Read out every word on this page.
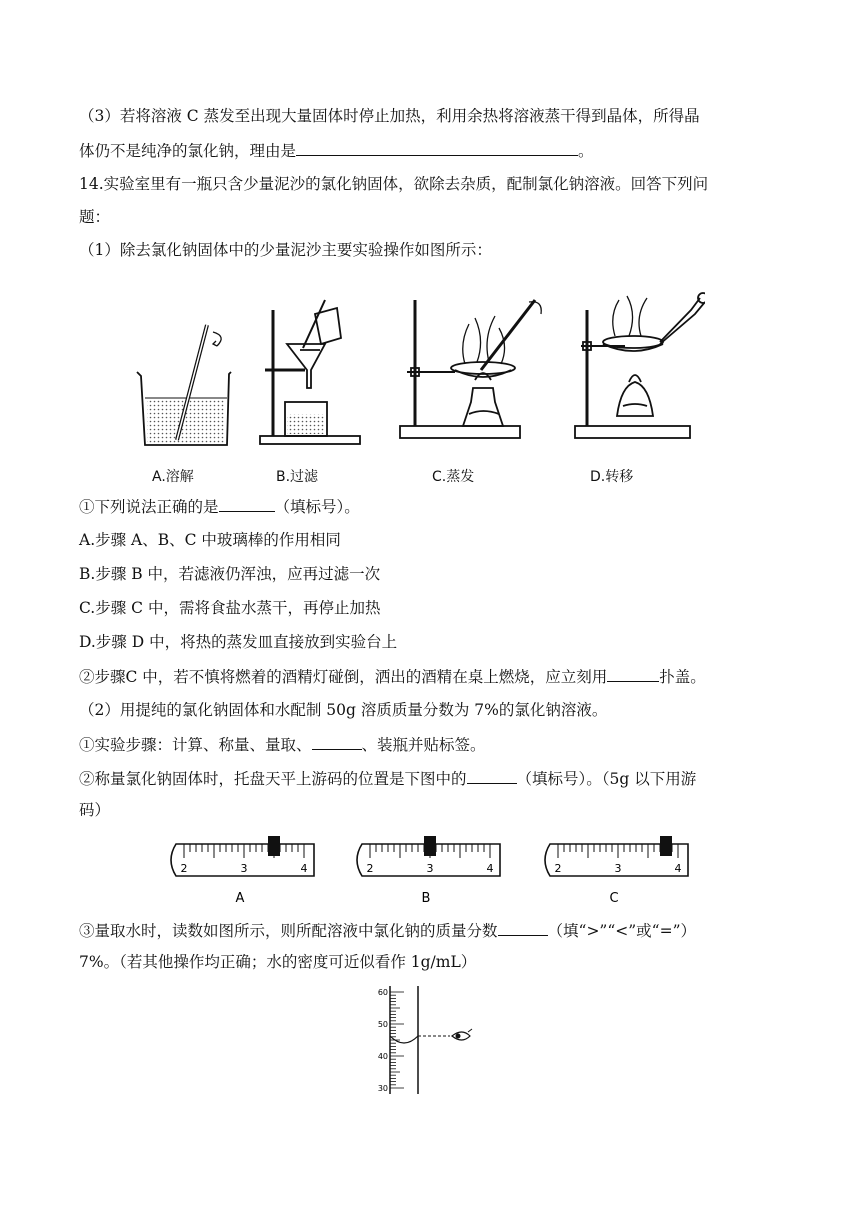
（3）若将溶液 C 蒸发至出现大量固体时停止加热，利用余热将溶液蒸干得到晶体，所得晶
体仍不是纯净的氯化钠，理由是	。
14.实验室里有一瓶只含少量泥沙的氯化钠固体，欲除去杂质，配制氯化钠溶液。回答下列问
题：
（1）除去氯化钠固体中的少量泥沙主要实验操作如图所示：
A.溶解	B.过滤	C.蒸发	D.转移
①下列说法正确的是	（填标号）。
A.步骤 A、B、C 中玻璃棒的作用相同
B.步骤 B 中，若滤液仍浑浊，应再过滤一次
C.步骤 C 中，需将食盐水蒸干，再停止加热
D.步骤 D 中，将热的蒸发皿直接放到实验台上
②步骤C 中，若不慎将燃着的酒精灯碰倒，洒出的酒精在桌上燃烧，应立刻用	扑盖。
（2）用提纯的氯化钠固体和水配制 50g 溶质质量分数为 7%的氯化钠溶液。
①实验步骤：计算、称量、量取、	、装瓶并贴标签。
②称量氯化钠固体时，托盘天平上游码的位置是下图中的	（填标号）。（5g 以下用游
码）
2	3	4
A
2	3	4
B
2	3	4
C
③量取水时，读数如图所示，则所配溶液中氯化钠的质量分数	（填“>”“<”或“=”）
7%。（若其他操作均正确；水的密度可近似看作 1g/mL）
60
50
40
30
